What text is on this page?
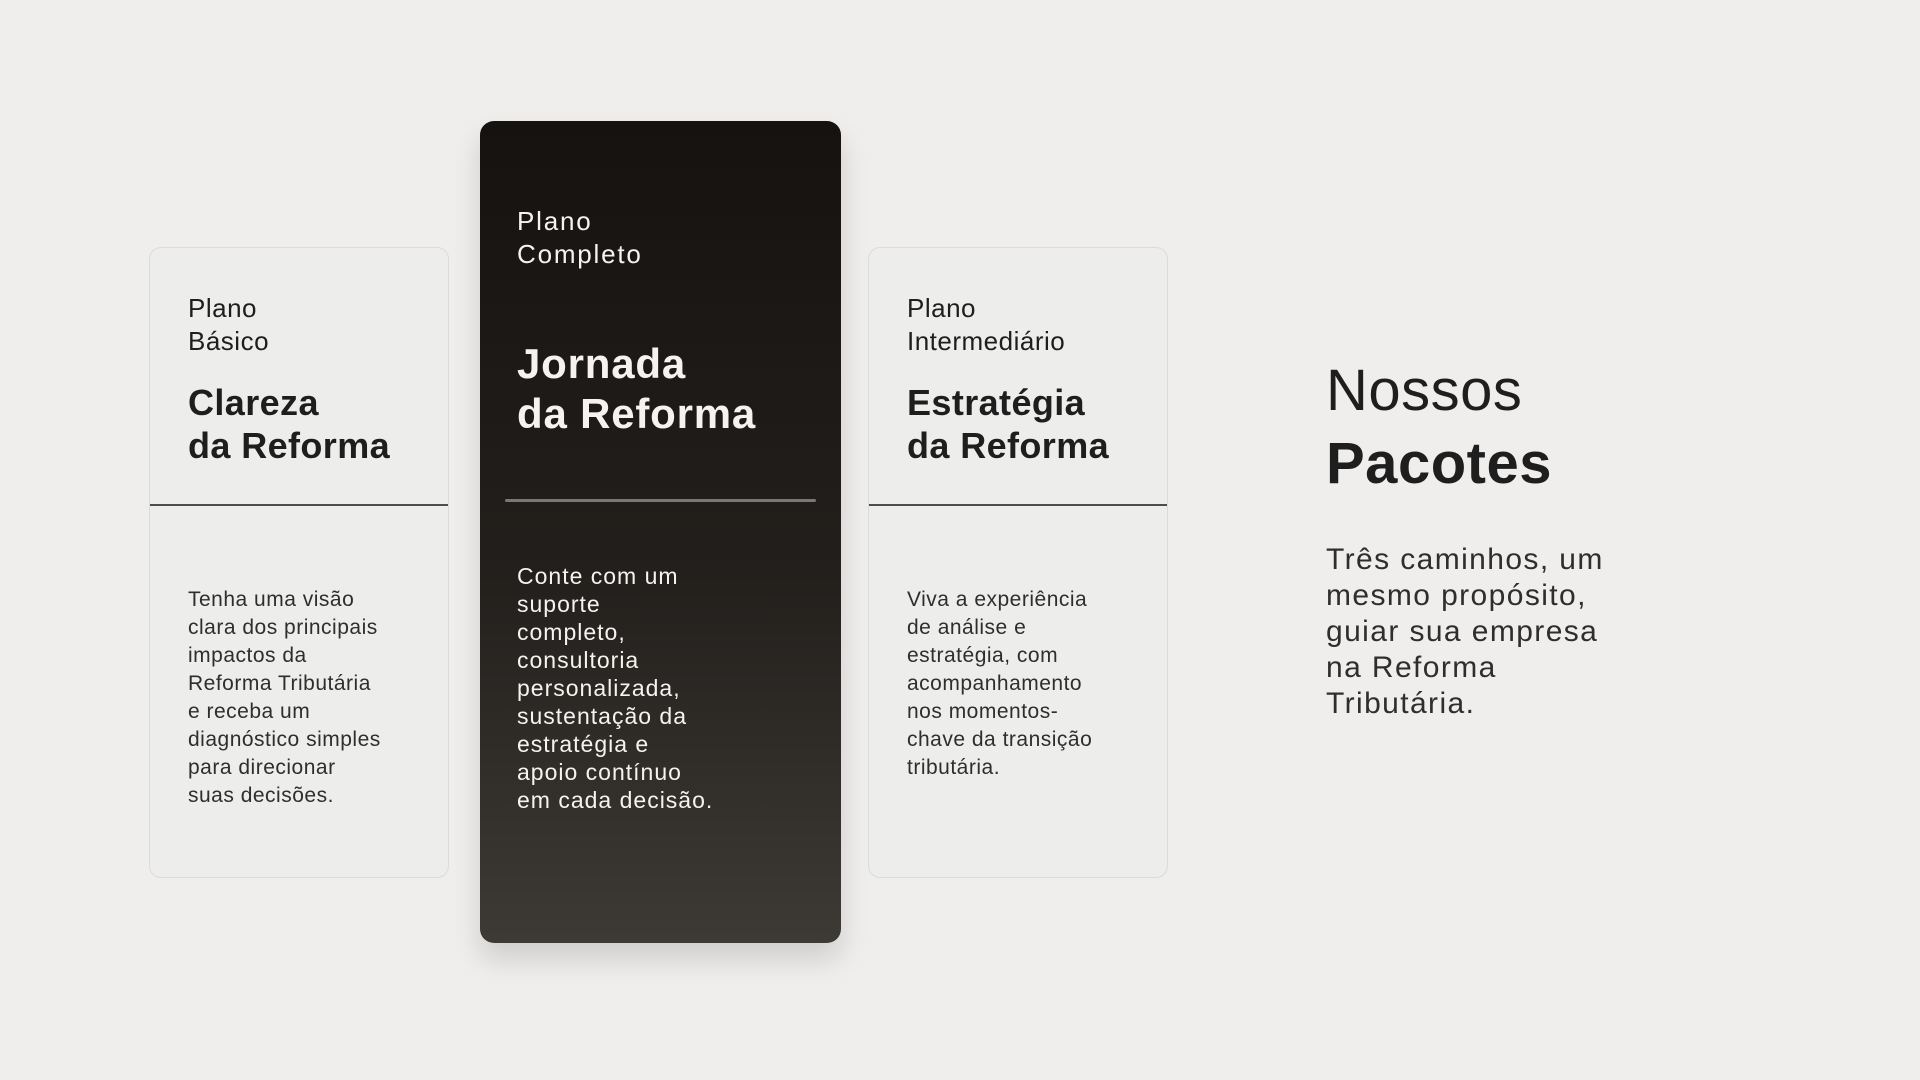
Plano
Básico
Clareza
da Reforma
Tenha uma visão
clara dos principais
impactos da
Reforma Tributária
e receba um
diagnóstico simples
para direcionar
suas decisões.
Plano
Completo
Jornada
da Reforma
Conte com um
suporte
completo,
consultoria
personalizada,
sustentação da
estratégia e
apoio contínuo
em cada decisão.
Plano
Intermediário
Estratégia
da Reforma
Viva a experiência
de análise e
estratégia, com
acompanhamento
nos momentos-
chave da transição
tributária.
Nossos
Pacotes
Três caminhos, um
mesmo propósito,
guiar sua empresa
na Reforma
Tributária.
